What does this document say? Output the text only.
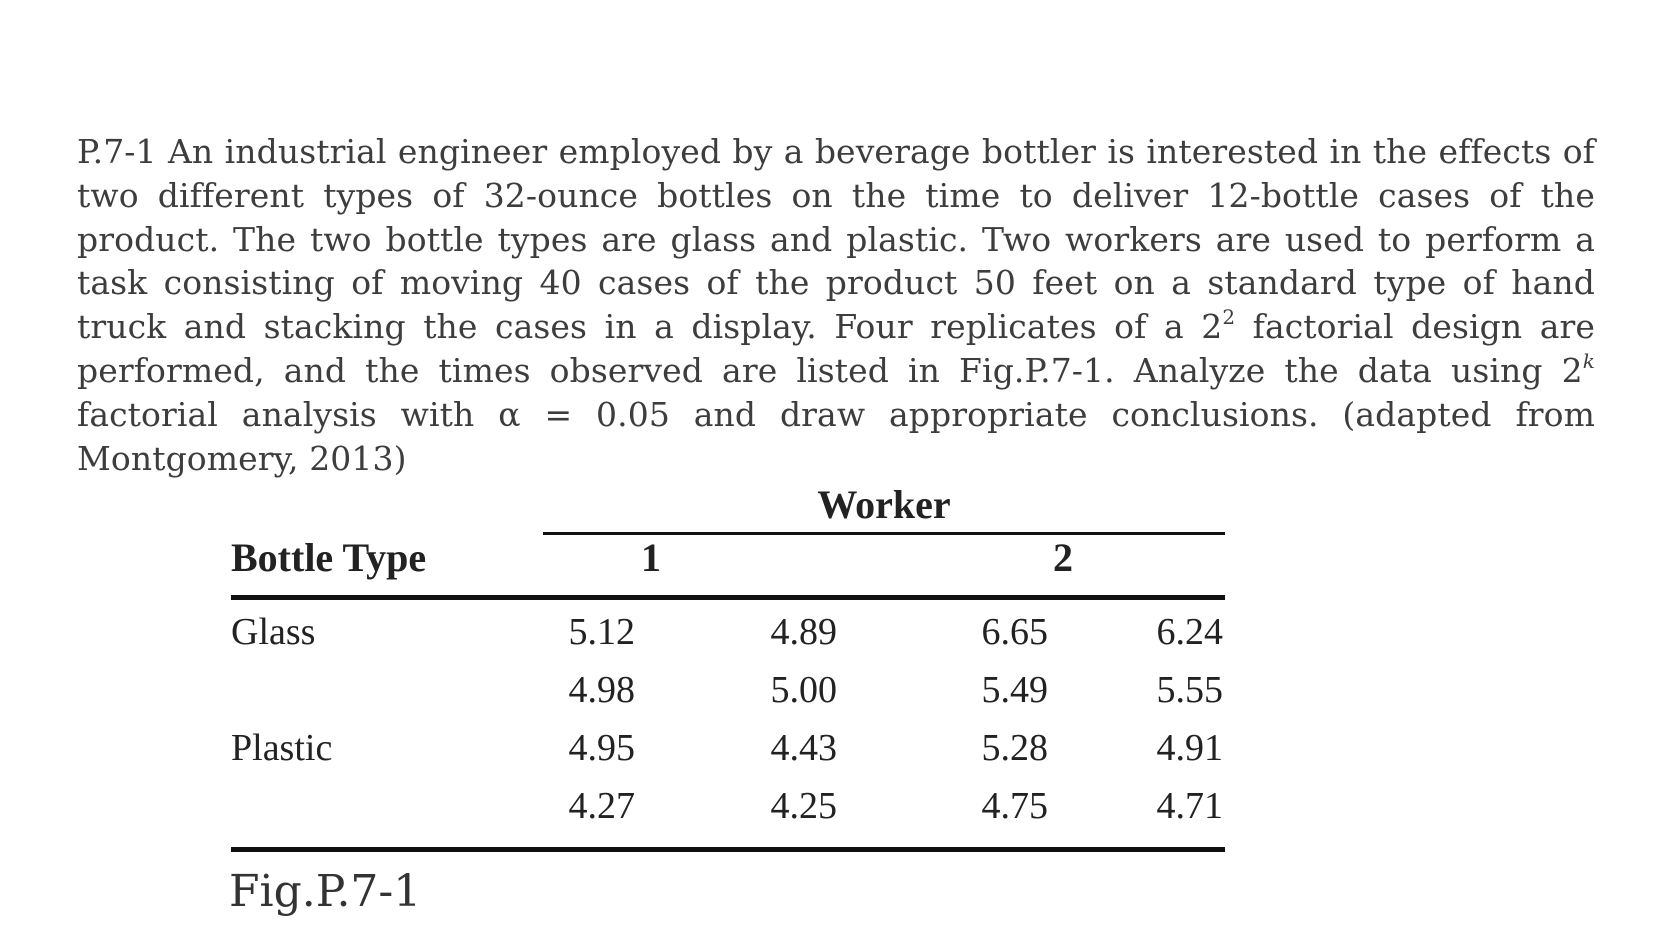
P.7-1 An industrial engineer employed by a beverage bottler is interested in the effects of two different types of 32-ounce bottles on the time to deliver 12-bottle cases of the product. The two bottle types are glass and plastic. Two workers are used to perform a task consisting of moving 40 cases of the product 50 feet on a standard type of hand truck and stacking the cases in a display. Four replicates of a $2^2$ factorial design are performed, and the times observed are listed in Fig.P.7-1. Analyze the data using 2$^k$ factorial analysis with α = 0.05 and draw appropriate conclusions. (adapted from Montgomery, 2013)
Worker
Bottle Type	1	2
Glass	5.12	4.89	6.65	6.24
4.98	5.00	5.49	5.55
Plastic	4.95	4.43	5.28	4.91
4.27	4.25	4.75	4.71
Fig.P.7-1
